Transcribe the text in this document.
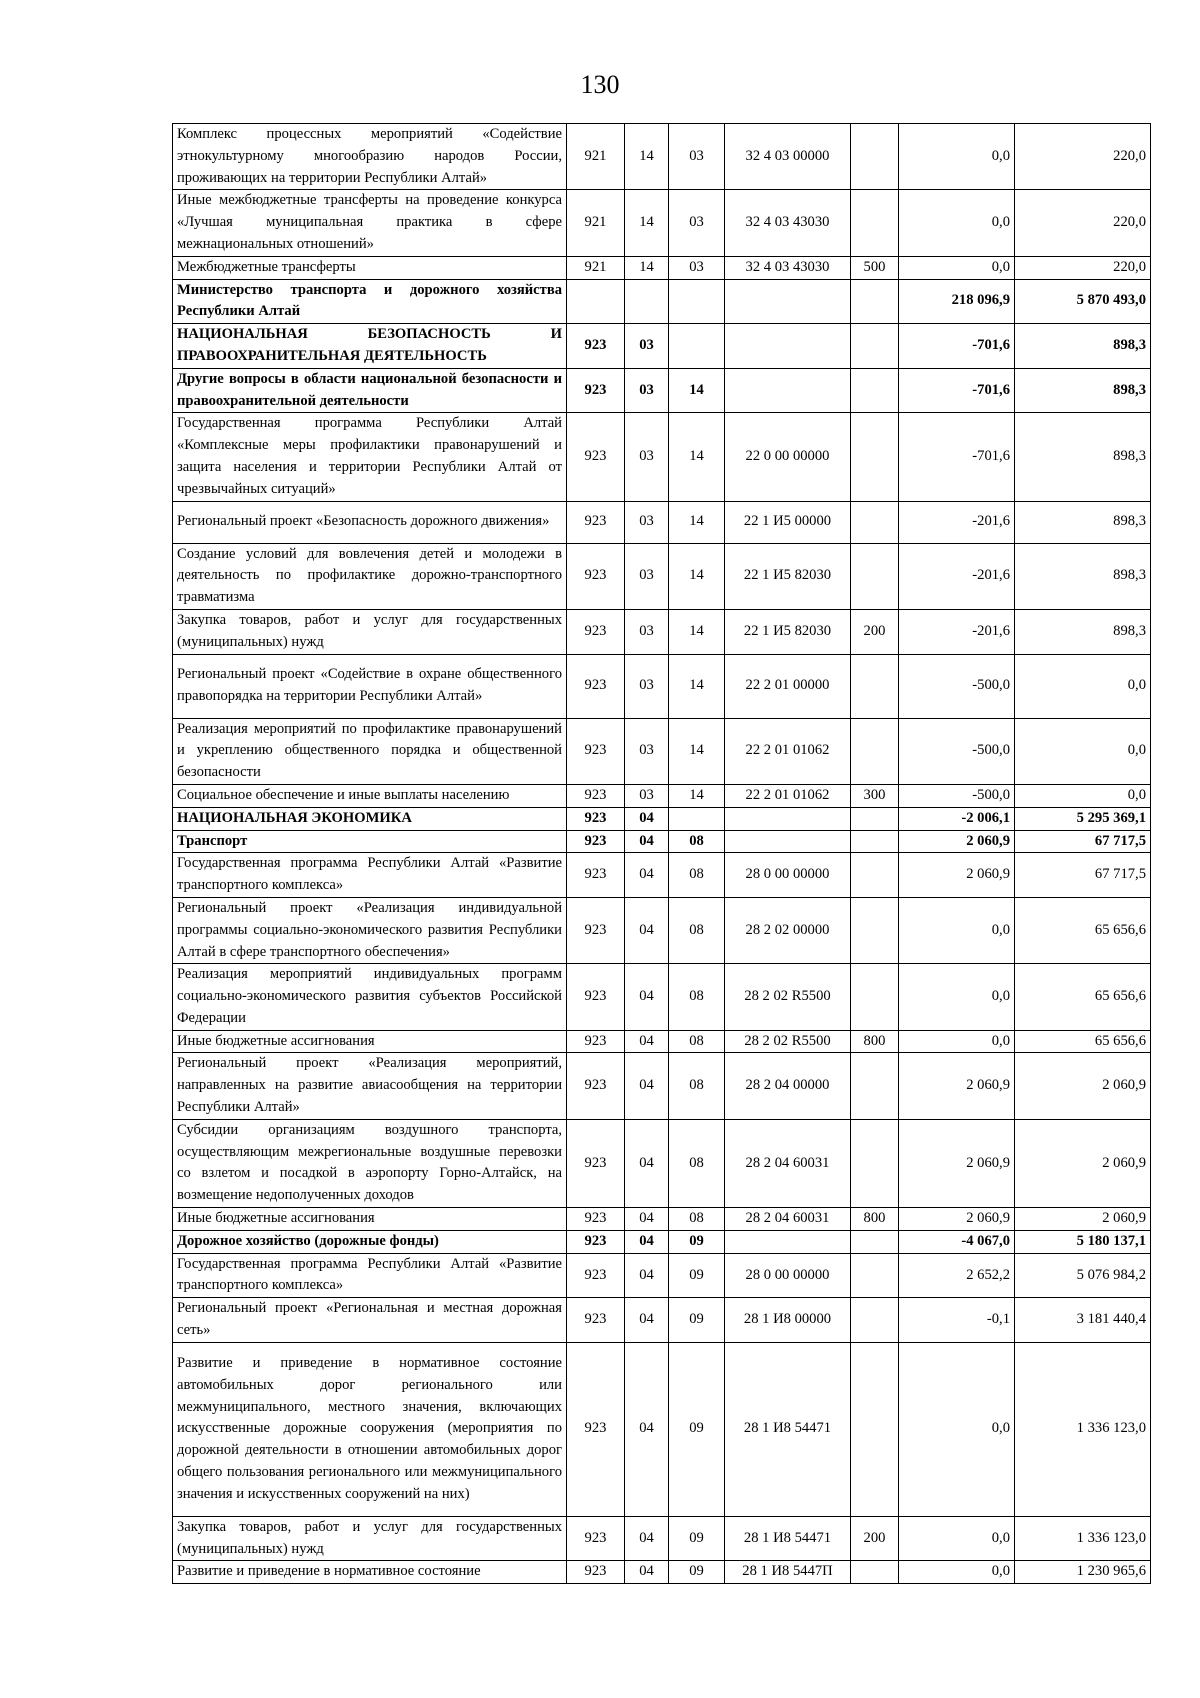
130
Комплекс процессных мероприятий «Содействие этнокультурному многообразию народов России, проживающих на территории Республики Алтай»	921	14	03	32 4 03 00000		0,0	220,0
Иные межбюджетные трансферты на проведение конкурса «Лучшая муниципальная практика в сфере межнациональных отношений»	921	14	03	32 4 03 43030		0,0	220,0
Межбюджетные трансферты	921	14	03	32 4 03 43030	500	0,0	220,0
Министерство транспорта и дорожного хозяйства Республики Алтай						218 096,9	5 870 493,0
НАЦИОНАЛЬНАЯ БЕЗОПАСНОСТЬ И ПРАВООХРАНИТЕЛЬНАЯ ДЕЯТЕЛЬНОСТЬ	923	03				-701,6	898,3
Другие вопросы в области национальной безопасности и правоохранительной деятельности	923	03	14			-701,6	898,3
Государственная программа Республики Алтай «Комплексные меры профилактики правонарушений и защита населения и территории Республики Алтай от чрезвычайных ситуаций»	923	03	14	22 0 00 00000		-701,6	898,3
Региональный проект «Безопасность дорожного движения»	923	03	14	22 1 И5 00000		-201,6	898,3
Создание условий для вовлечения детей и молодежи в деятельность по профилактике дорожно-транспортного травматизма	923	03	14	22 1 И5 82030		-201,6	898,3
Закупка товаров, работ и услуг для государственных (муниципальных) нужд	923	03	14	22 1 И5 82030	200	-201,6	898,3
Региональный проект «Содействие в охране общественного правопорядка на территории Республики Алтай»	923	03	14	22 2 01 00000		-500,0	0,0
Реализация мероприятий по профилактике правонарушений и укреплению общественного порядка и общественной безопасности	923	03	14	22 2 01 01062		-500,0	0,0
Социальное обеспечение и иные выплаты населению	923	03	14	22 2 01 01062	300	-500,0	0,0
НАЦИОНАЛЬНАЯ ЭКОНОМИКА	923	04				-2 006,1	5 295 369,1
Транспорт	923	04	08			2 060,9	67 717,5
Государственная программа Республики Алтай «Развитие транспортного комплекса»	923	04	08	28 0 00 00000		2 060,9	67 717,5
Региональный проект «Реализация индивидуальной программы социально-экономического развития Республики Алтай в сфере транспортного обеспечения»	923	04	08	28 2 02 00000		0,0	65 656,6
Реализация мероприятий индивидуальных программ социально-экономического развития субъектов Российской Федерации	923	04	08	28 2 02 R5500		0,0	65 656,6
Иные бюджетные ассигнования	923	04	08	28 2 02 R5500	800	0,0	65 656,6
Региональный проект «Реализация мероприятий, направленных на развитие авиасообщения на территории Республики Алтай»	923	04	08	28 2 04 00000		2 060,9	2 060,9
Субсидии организациям воздушного транспорта, осуществляющим межрегиональные воздушные перевозки со взлетом и посадкой в аэропорту Горно-Алтайск, на возмещение недополученных доходов	923	04	08	28 2 04 60031		2 060,9	2 060,9
Иные бюджетные ассигнования	923	04	08	28 2 04 60031	800	2 060,9	2 060,9
Дорожное хозяйство (дорожные фонды)	923	04	09			-4 067,0	5 180 137,1
Государственная программа Республики Алтай «Развитие транспортного комплекса»	923	04	09	28 0 00 00000		2 652,2	5 076 984,2
Региональный проект «Региональная и местная дорожная сеть»	923	04	09	28 1 И8 00000		-0,1	3 181 440,4
Развитие и приведение в нормативное состояние автомобильных дорог регионального или межмуниципального, местного значения, включающих искусственные дорожные сооружения (мероприятия по дорожной деятельности в отношении автомобильных дорог общего пользования регионального или межмуниципального значения и искусственных сооружений на них)	923	04	09	28 1 И8 54471		0,0	1 336 123,0
Закупка товаров, работ и услуг для государственных (муниципальных) нужд	923	04	09	28 1 И8 54471	200	0,0	1 336 123,0
Развитие и приведение в нормативное состояние	923	04	09	28 1 И8 5447П		0,0	1 230 965,6
